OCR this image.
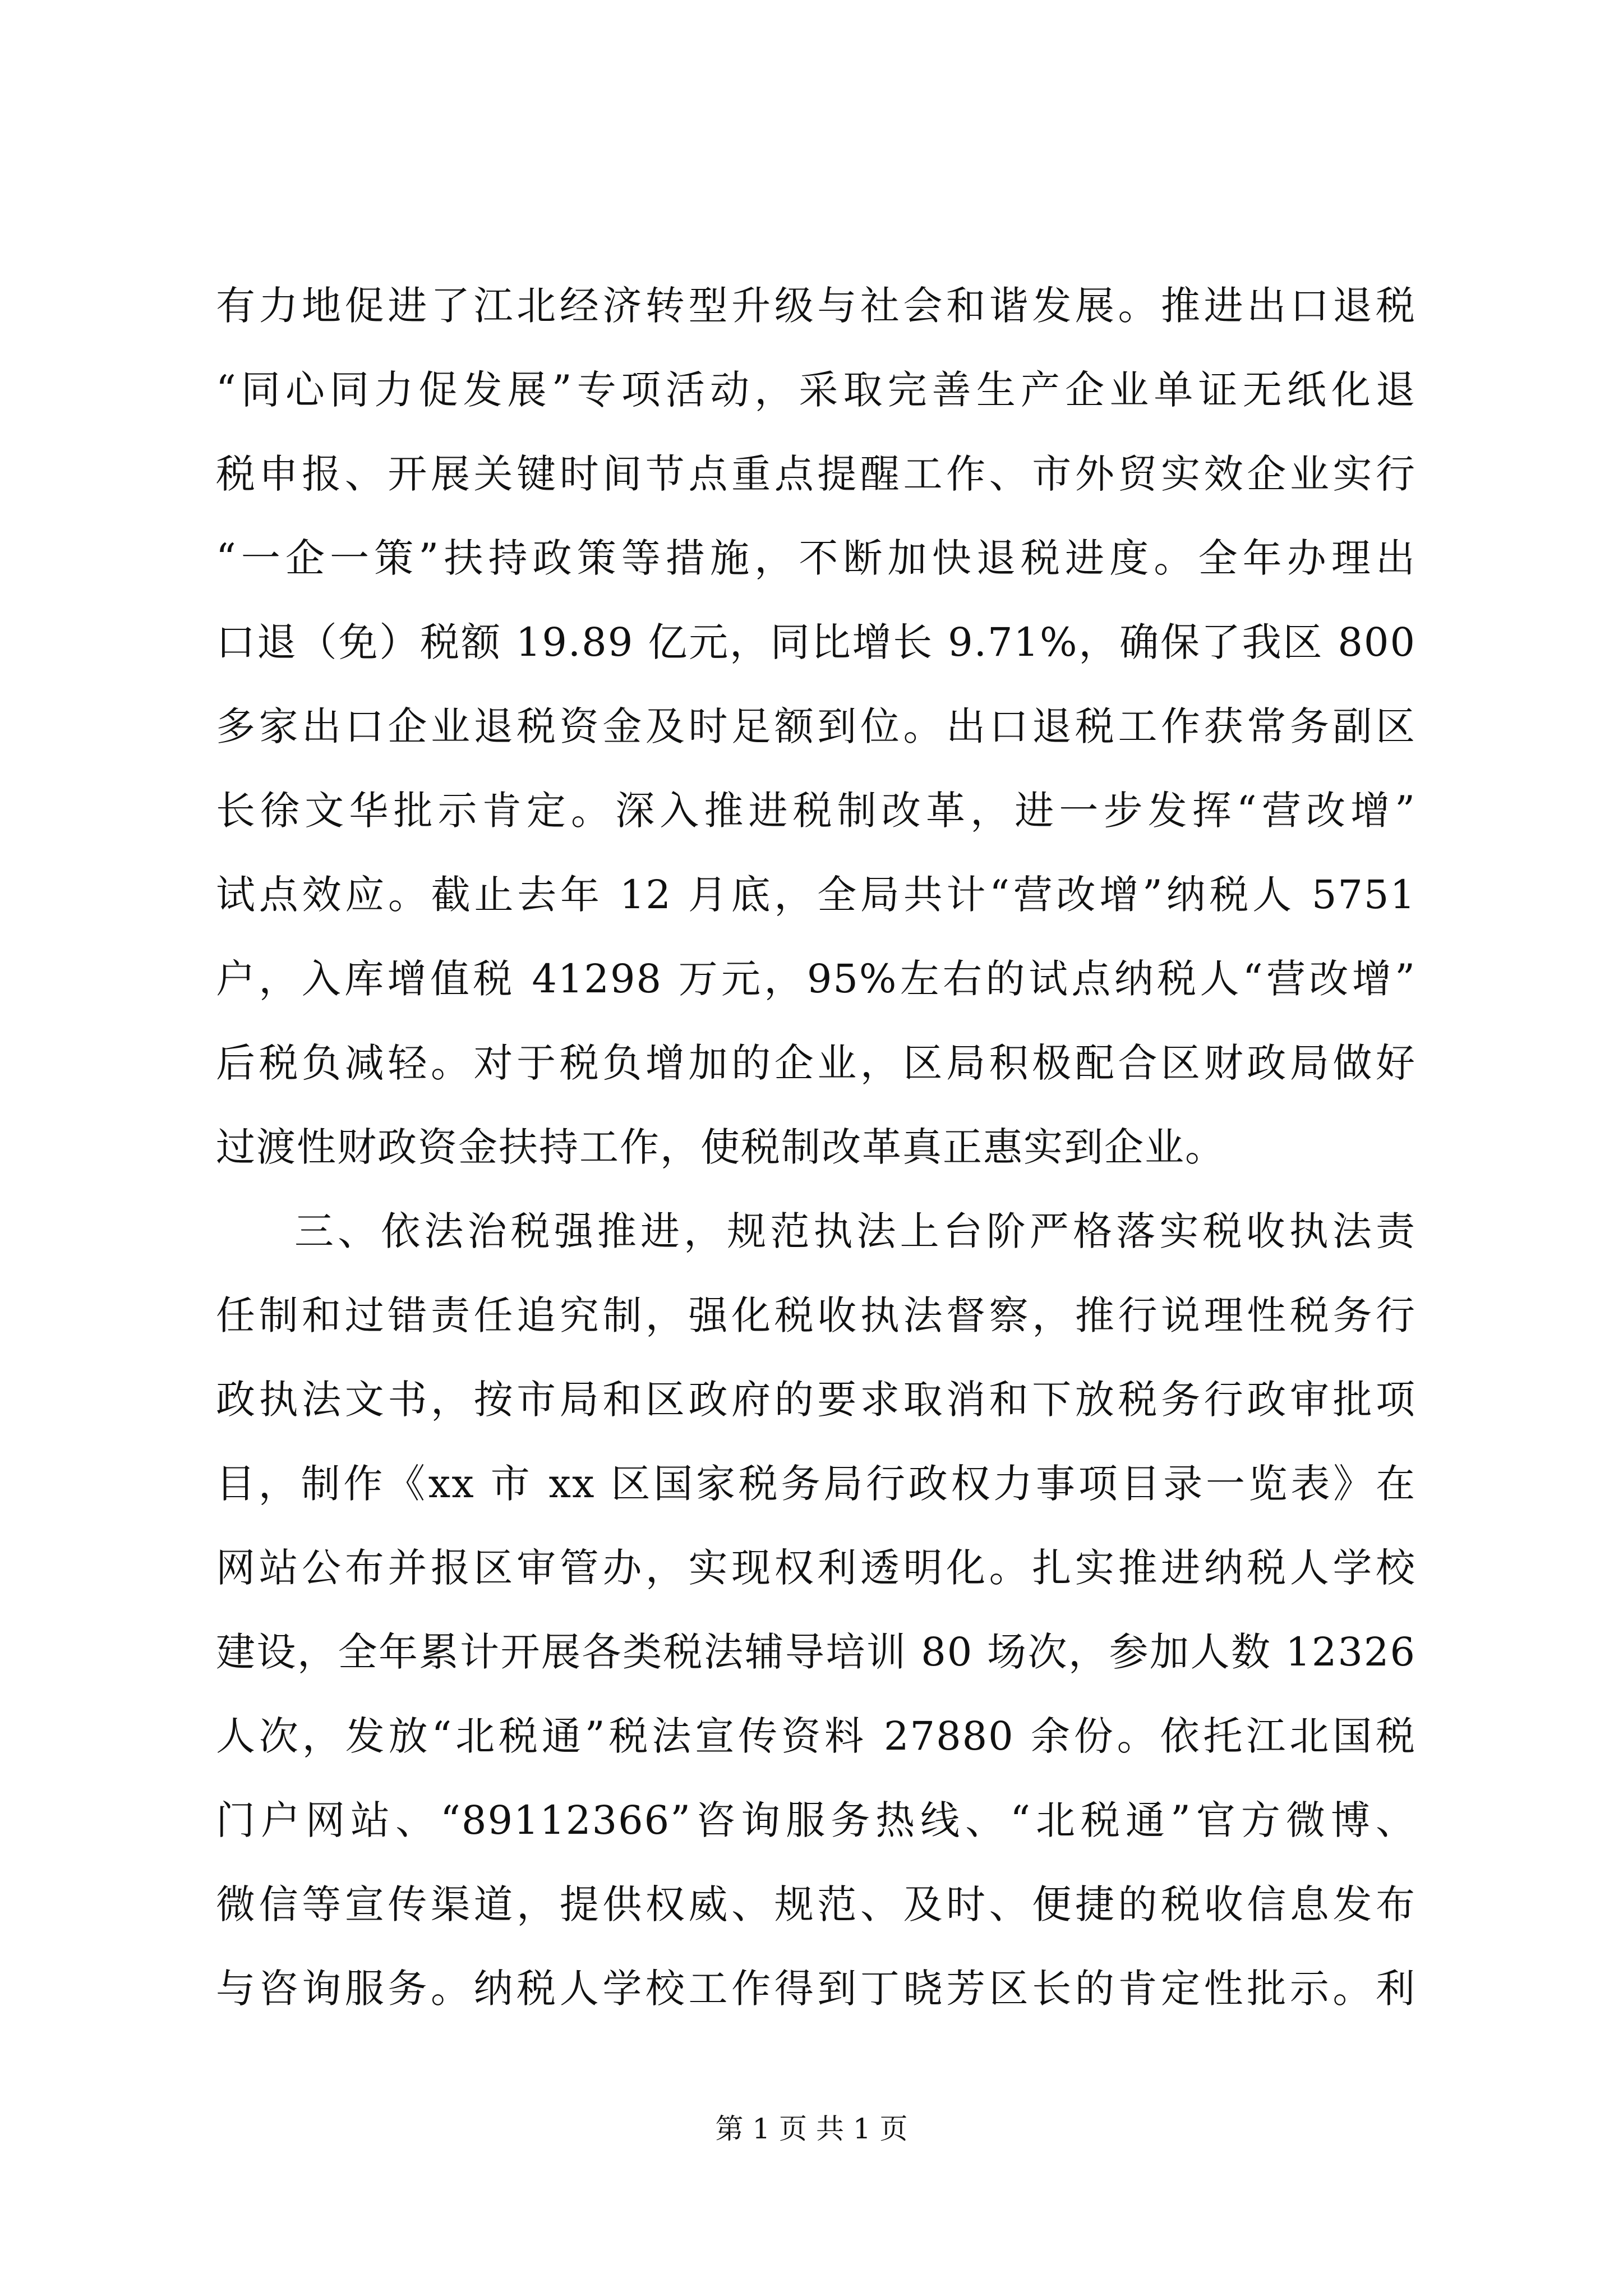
有力地促进了江北经济转型升级与社会和谐发展。推进出口退税
“同心同力促发展”专项活动，采取完善生产企业单证无纸化退
税申报、开展关键时间节点重点提醒工作、市外贸实效企业实行
“一企一策”扶持政策等措施，不断加快退税进度。全年办理出
口退（免）税额 19.89 亿元，同比增长 9.71%，确保了我区 800
多家出口企业退税资金及时足额到位。出口退税工作获常务副区
长徐文华批示肯定。深入推进税制改革，进一步发挥“营改增”
试点效应。截止去年 12 月底，全局共计“营改增”纳税人 5751
户，入库增值税 41298 万元，95%左右的试点纳税人“营改增”
后税负减轻。对于税负增加的企业，区局积极配合区财政局做好
过渡性财政资金扶持工作，使税制改革真正惠实到企业。
三、依法治税强推进，规范执法上台阶严格落实税收执法责
任制和过错责任追究制，强化税收执法督察，推行说理性税务行
政执法文书，按市局和区政府的要求取消和下放税务行政审批项
目，制作《xx 市 xx 区国家税务局行政权力事项目录一览表》在
网站公布并报区审管办，实现权利透明化。扎实推进纳税人学校
建设，全年累计开展各类税法辅导培训 80 场次，参加人数 12326
人次，发放“北税通”税法宣传资料 27880 余份。依托江北国税
门户网站、“89112366”咨询服务热线、“北税通”官方微博、
微信等宣传渠道，提供权威、规范、及时、便捷的税收信息发布
与咨询服务。纳税人学校工作得到丁晓芳区长的肯定性批示。利
第 1 页 共 1 页
